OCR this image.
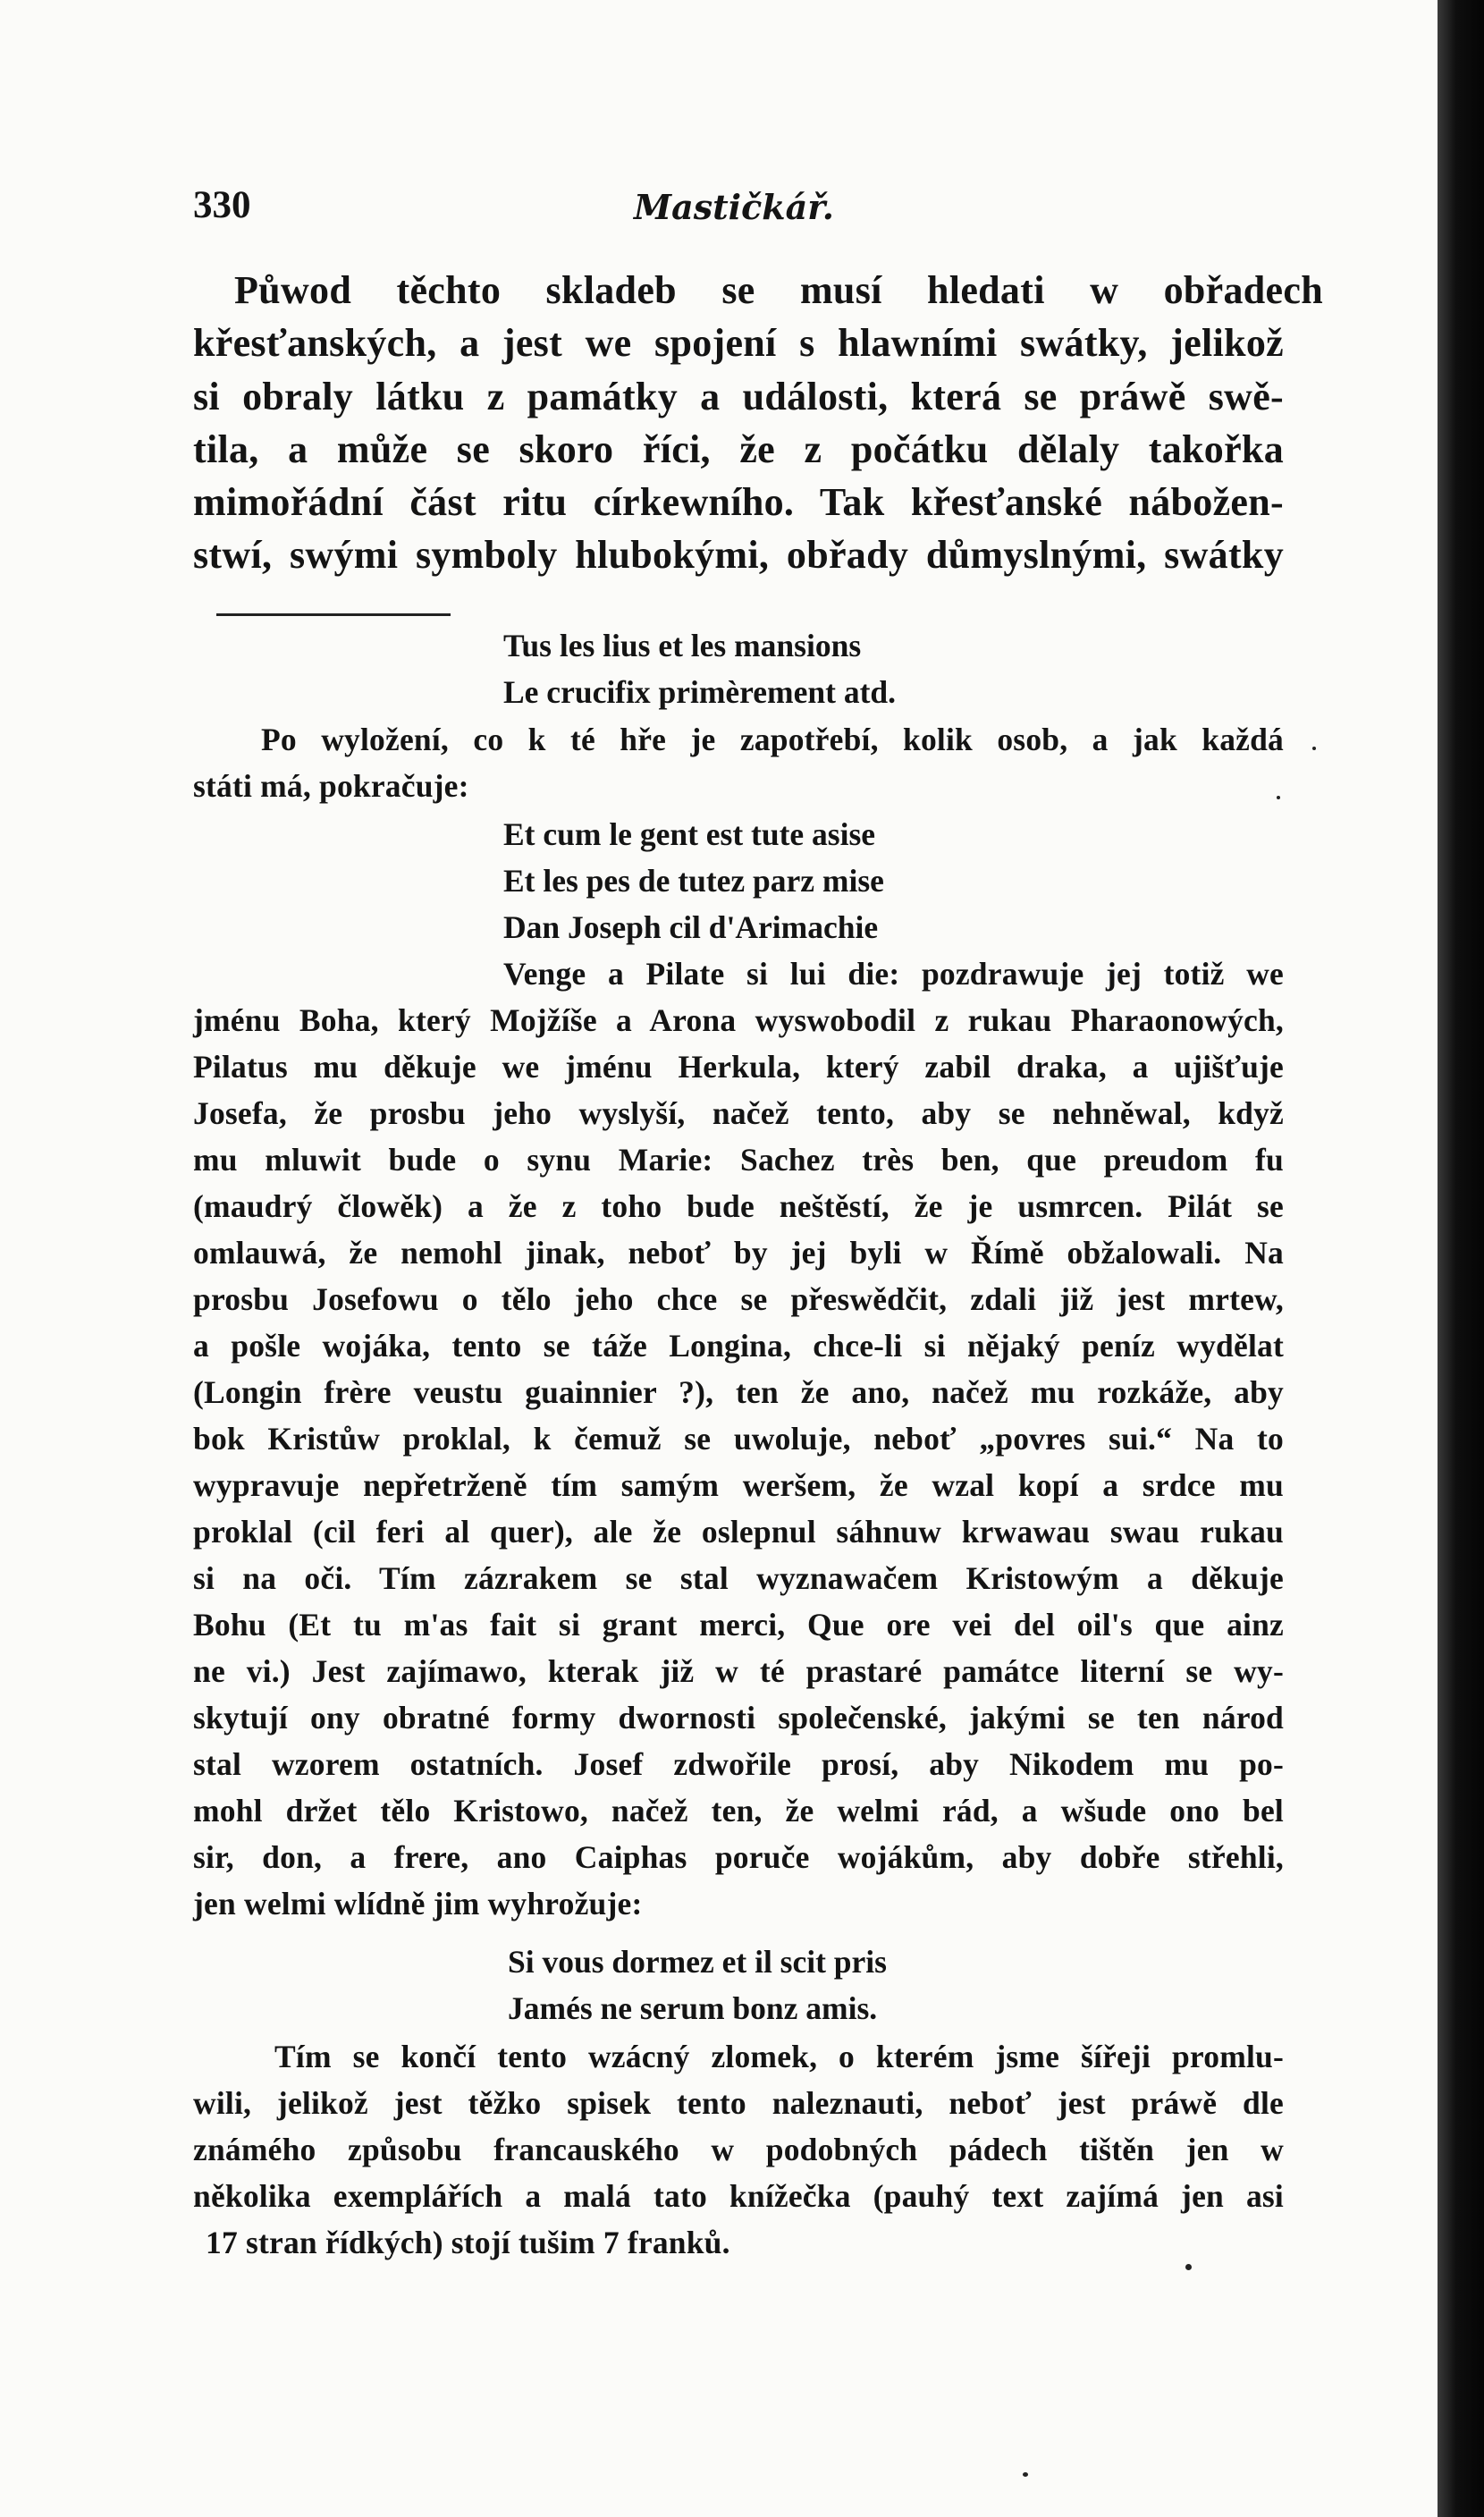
330	Mastičkář.
Půwod těchto skladeb se musí hledati w obřadech
křesťanských, a jest we spojení s hlawními swátky, jelikož
si obraly látku z památky a události, která se práwě swě-
tila, a může se skoro říci, že z počátku dělaly takořka
mimořádní část ritu církewního. Tak křesťanské nábožen-
stwí, swými symboly hlubokými, obřady důmyslnými, swátky
Tus les lius et les mansions
Le crucifix primèrement atd.
Po wyložení, co k té hře je zapotřebí, kolik osob, a jak každá
státi má, pokračuje:
Et cum le gent est tute asise
Et les pes de tutez parz mise
Dan Joseph cil d'Arimachie
Venge a Pilate si lui die: pozdrawuje jej totiž we
jménu Boha, který Mojžíše a Arona wyswobodil z rukau Pharaonowých,
Pilatus mu děkuje we jménu Herkula, který zabil draka, a ujišťuje
Josefa, že prosbu jeho wyslyší, načež tento, aby se nehněwal, když
mu mluwit bude o synu Marie: Sachez très ben, que preudom fu
(maudrý člowěk) a že z toho bude neštěstí, že je usmrcen. Pilát se
omlauwá, že nemohl jinak, neboť by jej byli w Římě obžalowali. Na
prosbu Josefowu o tělo jeho chce se přeswědčit, zdali již jest mrtew,
a pošle wojáka, tento se táže Longina, chce-li si nějaký peníz wydělat
(Longin frère veustu guainnier ?), ten že ano, načež mu rozkáže, aby
bok Kristůw proklal, k čemuž se uwoluje, neboť „povres sui.“ Na to
wypravuje nepřetrženě tím samým weršem, že wzal kopí a srdce mu
proklal (cil feri al quer), ale že oslepnul sáhnuw krwawau swau rukau
si na oči. Tím zázrakem se stal wyznawačem Kristowým a děkuje
Bohu (Et tu m'as fait si grant merci, Que ore vei del oil's que ainz
ne vi.) Jest zajímawo, kterak již w té prastaré památce literní se wy-
skytují ony obratné formy dwornosti společenské, jakými se ten národ
stal wzorem ostatních. Josef zdwořile prosí, aby Nikodem mu po-
mohl držet tělo Kristowo, načež ten, že welmi rád, a wšude ono bel
sir, don, a frere, ano Caiphas poruče wojákům, aby dobře střehli,
jen welmi wlídně jim wyhrožuje:
Si vous dormez et il scit pris
Jamés ne serum bonz amis.
Tím se končí tento wzácný zlomek, o kterém jsme šířeji promlu-
wili, jelikož jest těžko spisek tento naleznauti, neboť jest práwě dle
známého způsobu francauského w podobných pádech tištěn jen w
několika exemplářích a malá tato knížečka (pauhý text zajímá jen asi
17 stran řídkých) stojí tušim 7 franků.
